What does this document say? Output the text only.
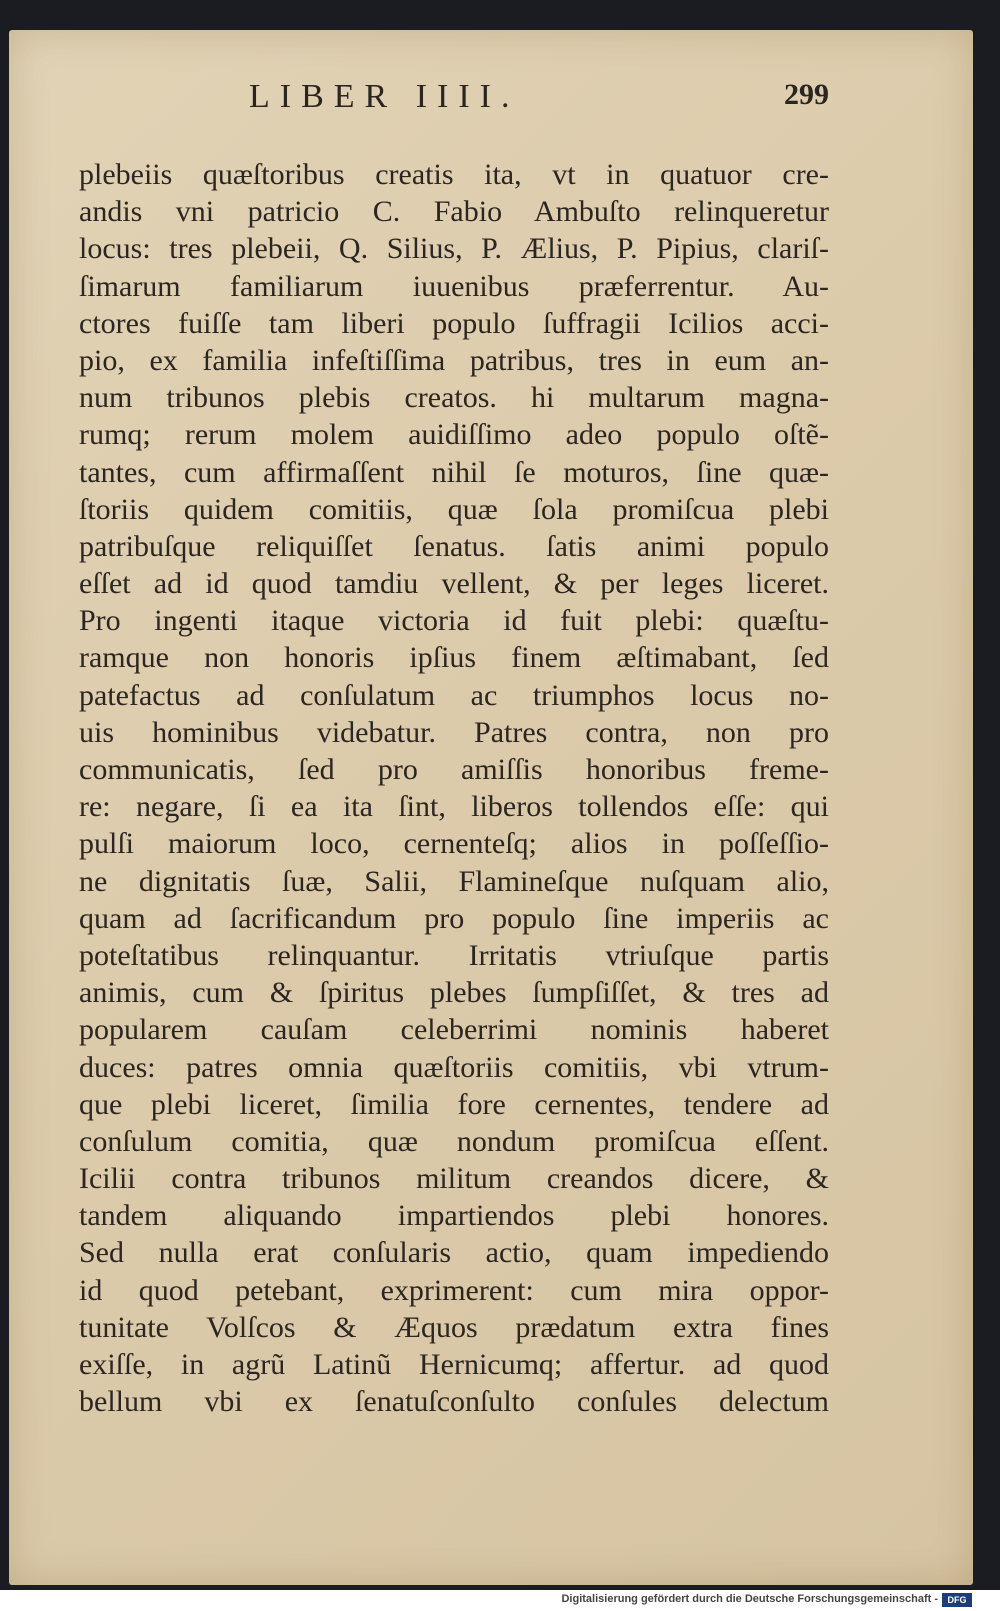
LIBER IIII.	299
plebeiis quæſtoribus creatis ita, vt in quatuor cre-
andis vni patricio C. Fabio Ambuſto relinqueretur
locus: tres plebeii, Q. Silius, P. Ælius, P. Pipius, clariſ-
ſimarum familiarum iuuenibus præferrentur. Au-
ctores fuiſſe tam liberi populo ſuffragii Icilios acci-
pio, ex familia infeſtiſſima patribus, tres in eum an-
num tribunos plebis creatos. hi multarum magna-
rumq; rerum molem auidiſſimo adeo populo oſtẽ-
tantes, cum affirmaſſent nihil ſe moturos, ſine quæ-
ſtoriis quidem comitiis, quæ ſola promiſcua plebi
patribuſque reliquiſſet ſenatus. ſatis animi populo
eſſet ad id quod tamdiu vellent, & per leges liceret.
Pro ingenti itaque victoria id fuit plebi: quæſtu-
ramque non honoris ipſius finem æſtimabant, ſed
patefactus ad conſulatum ac triumphos locus no-
uis hominibus videbatur. Patres contra, non pro
communicatis, ſed pro amiſſis honoribus freme-
re: negare, ſi ea ita ſint, liberos tollendos eſſe: qui
pulſi maiorum loco, cernenteſq; alios in poſſeſſio-
ne dignitatis ſuæ, Salii, Flamineſque nuſquam alio,
quam ad ſacrificandum pro populo ſine imperiis ac
poteſtatibus relinquantur. Irritatis vtriuſque partis
animis, cum & ſpiritus plebes ſumpſiſſet, & tres ad
popularem cauſam celeberrimi nominis haberet
duces: patres omnia quæſtoriis comitiis, vbi vtrum-
que plebi liceret, ſimilia fore cernentes, tendere ad
conſulum comitia, quæ nondum promiſcua eſſent.
Icilii contra tribunos militum creandos dicere, &
tandem aliquando impartiendos plebi honores.
Sed nulla erat conſularis actio, quam impediendo
id quod petebant, exprimerent: cum mira oppor-
tunitate Volſcos & Æquos prædatum extra fines
exiſſe, in agrũ Latinũ Hernicumq; affertur. ad quod
bellum vbi ex ſenatuſconſulto conſules delectum
Digitalisierung gefördert durch die Deutsche Forschungsgemeinschaft -	DFG
